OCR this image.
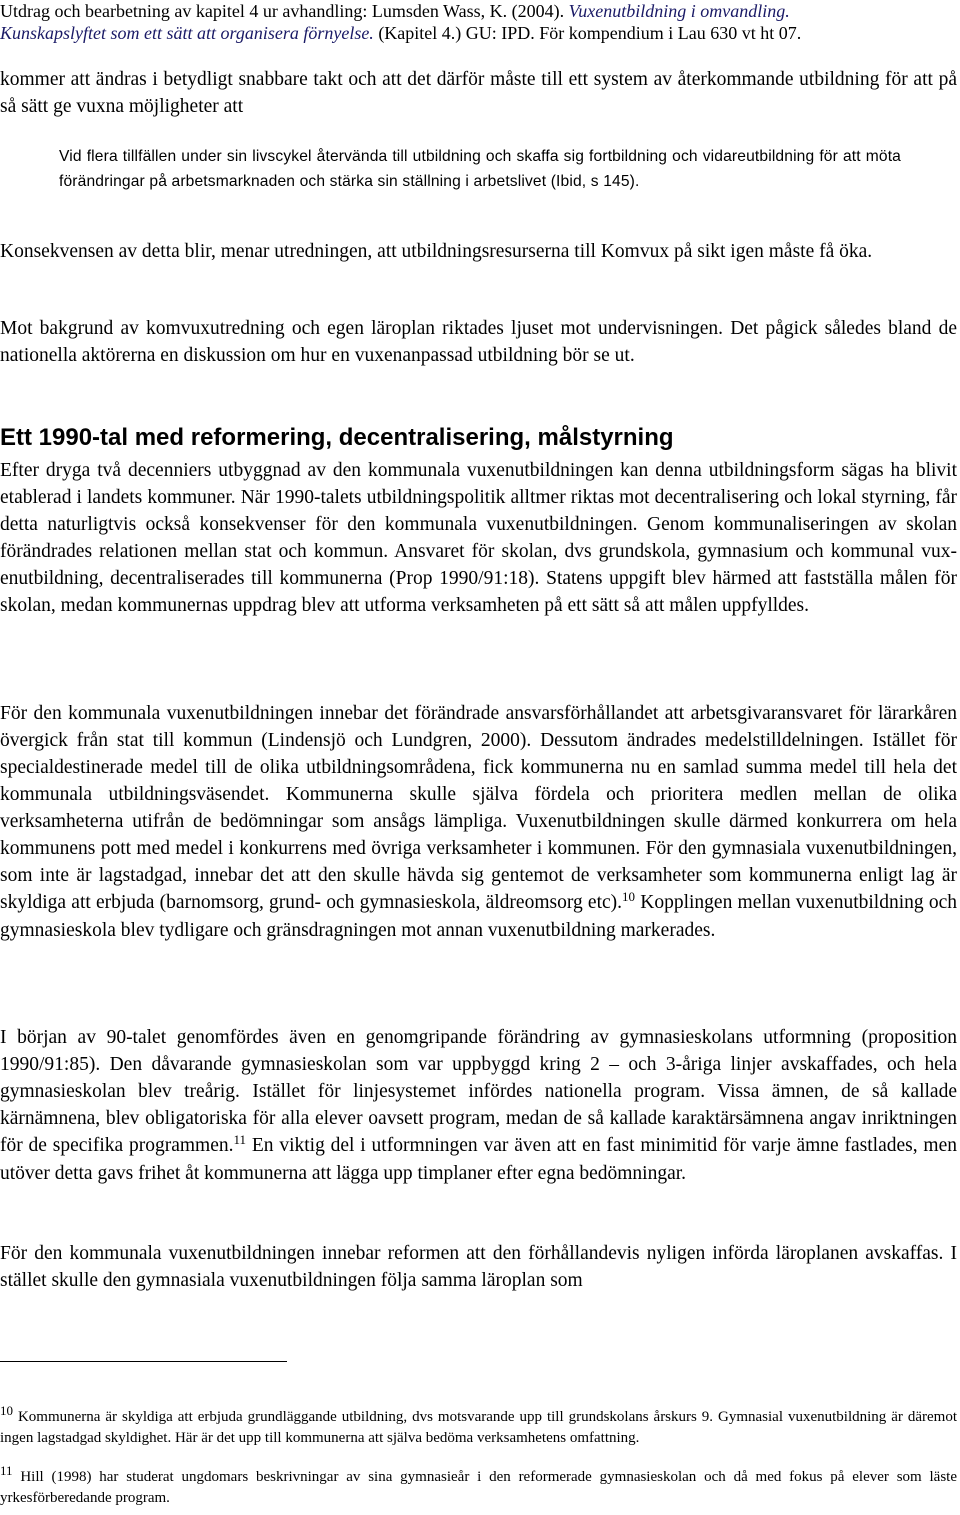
Utdrag och bearbetning av kapitel 4 ur avhandling: Lumsden Wass, K. (2004). Vuxenutbildning i omvandling.
Kunskapslyftet som ett sätt att organisera förnyelse. (Kapitel 4.) GU: IPD. För kompendium i Lau 630 vt ht 07.

kommer att ändras i betydligt snabbare takt och att det därför måste till ett system av återkommande utbildning för att på så sätt ge vuxna möjligheter att

Vid flera tillfällen under sin livscykel återvända till utbildning och skaffa sig fortbildning och vidareutbildning för att möta förändringar på arbetsmarknaden och stärka sin ställning i arbetslivet (Ibid, s 145).

Konsekvensen av detta blir, menar utredningen, att utbildningsresurserna till Komvux på sikt igen måste få öka.

Mot bakgrund av komvuxutredning och egen läroplan riktades ljuset mot undervisningen. Det pågick således bland de nationella aktörerna en diskussion om hur en vuxenanpassad utbildning bör se ut.

Ett 1990-tal med reformering, decentralisering, målstyrning

Efter dryga två decenniers utbyggnad av den kommunala vuxenutbildningen kan denna utbildningsform sägas ha blivit etablerad i landets kommuner. När 1990-talets utbildningspolitik alltmer riktas mot decentralisering och lokal styrning, får detta naturligtvis också konsekvenser för den kommunala vuxenutbildningen. Genom kommunaliseringen av skolan förändrades relationen mellan stat och kommun. Ansvaret för skolan, dvs grundskola, gymnasium och kommunal vux-enutbildning, decentraliserades till kommunerna (Prop 1990/91:18). Statens uppgift blev härmed att fastställa målen för skolan, medan kommunernas uppdrag blev att utforma verksamheten på ett sätt så att målen uppfylldes.

För den kommunala vuxenutbildningen innebar det förändrade ansvarsförhållandet att arbetsgivaransvaret för lärarkåren övergick från stat till kommun (Lindensjö och Lundgren, 2000). Dessutom ändrades medelstilldelningen. Istället för specialdestinerade medel till de olika utbildningsområdena, fick kommunerna nu en samlad summa medel till hela det kommunala utbildningsväsendet. Kommunerna skulle själva fördela och prioritera medlen mellan de olika verksamheterna utifrån de bedömningar som ansågs lämpliga. Vuxenutbildningen skulle därmed konkurrera om hela kommunens pott med medel i konkurrens med övriga verksamheter i kommunen. För den gymnasiala vuxenutbildningen, som inte är lagstadgad, innebar det att den skulle hävda sig gentemot de verksamheter som kommunerna enligt lag är skyldiga att erbjuda (barnomsorg, grund- och gymnasieskola, äldreomsorg etc).$^{10}$ Kopplingen mellan vuxenutbildning och gymnasieskola blev tydligare och gränsdragningen mot annan vuxenutbildning markerades.

I början av 90-talet genomfördes även en genomgripande förändring av gymnasieskolans utformning (proposition 1990/91:85). Den dåvarande gymnasieskolan som var uppbyggd kring 2 – och 3-åriga linjer avskaffades, och hela gymnasieskolan blev treårig. Istället för linjesystemet infördes nationella program. Vissa ämnen, de så kallade kärnämnena, blev obligatoriska för alla elever oavsett program, medan de så kallade karaktärsämnena angav inriktningen för de specifika programmen.$^{11}$ En viktig del i utformningen var även att en fast minimitid för varje ämne fastlades, men utöver detta gavs frihet åt kommunerna att lägga upp timplaner efter egna bedömningar.

För den kommunala vuxenutbildningen innebar reformen att den förhållandevis nyligen införda läroplanen avskaffas. I stället skulle den gymnasiala vuxenutbildningen följa samma läroplan som

10 Kommunerna är skyldiga att erbjuda grundläggande utbildning, dvs motsvarande upp till grundskolans årskurs 9. Gymnasial vuxenutbildning är däremot ingen lagstadgad skyldighet. Här är det upp till kommunerna att själva bedöma verksamhetens omfattning.

11 Hill (1998) har studerat ungdomars beskrivningar av sina gymnasieår i den reformerade gymnasieskolan och då med fokus på elever som läste yrkesförberedande program.
